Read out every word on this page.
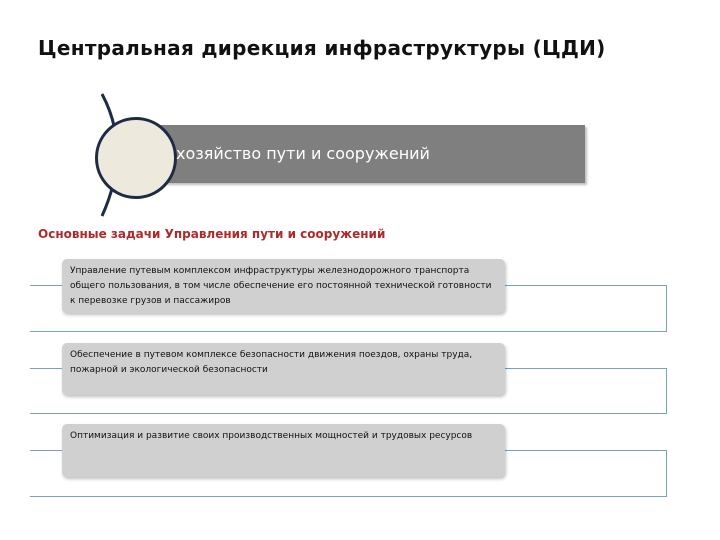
Центральная дирекция инфраструктуры (ЦДИ)
хозяйство пути и сооружений
Основные задачи Управления пути и сооружений
Управление путевым комплексом инфраструктуры железнодорожного транспорта общего пользования, в том числе обеспечение его постоянной технической готовности к перевозке грузов и пассажиров
Обеспечение в путевом комплексе безопасности движения поездов, охраны труда, пожарной и экологической безопасности
Оптимизация и развитие своих производственных мощностей и трудовых ресурсов
